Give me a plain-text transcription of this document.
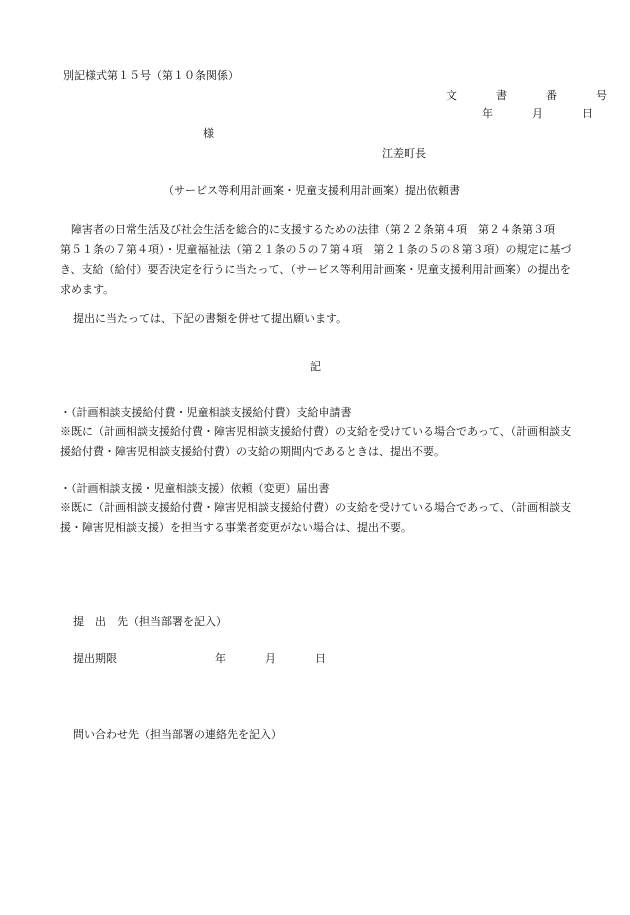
別記様式第１５号（第１０条関係）

文　書　番　号

年　月　日

様

江差町長

（サービス等利用計画案・児童支援利用計画案）提出依頼書

障害者の日常生活及び社会生活を総合的に支援するための法律（第２２条第４項　第２４条第３項　第５１条の７第４項）・児童福祉法（第２１条の５の７第４項　第２１条の５の８第３項）の規定に基づき、支給（給付）要否決定を行うに当たって、（サービス等利用計画案・児童支援利用計画案）の提出を求めます。

提出に当たっては、下記の書類を併せて提出願います。

記

・（計画相談支援給付費・児童相談支援給付費）支給申請書

※既に（計画相談支援給付費・障害児相談支援給付費）の支給を受けている場合であって、（計画相談支援給付費・障害児相談支援給付費）の支給の期間内であるときは、提出不要。

・（計画相談支援・児童相談支援）依頼（変更）届出書

※既に（計画相談支援給付費・障害児相談支援給付費）の支給を受けている場合であって、（計画相談支援・障害児相談支援）を担当する事業者変更がない場合は、提出不要。

提　出　先（担当部署を記入）

提出期限	年　月　日

問い合わせ先（担当部署の連絡先を記入）
